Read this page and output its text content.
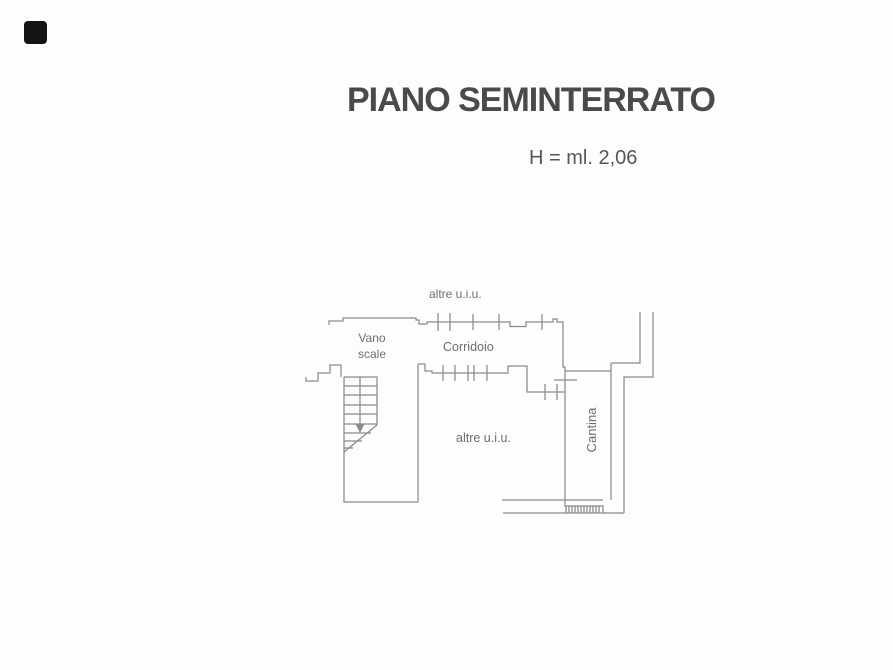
PIANO SEMINTERRATO
H = ml. 2,06
altre u.i.u.
Vano
scale	Corridoio
altre u.i.u.	Cantina
